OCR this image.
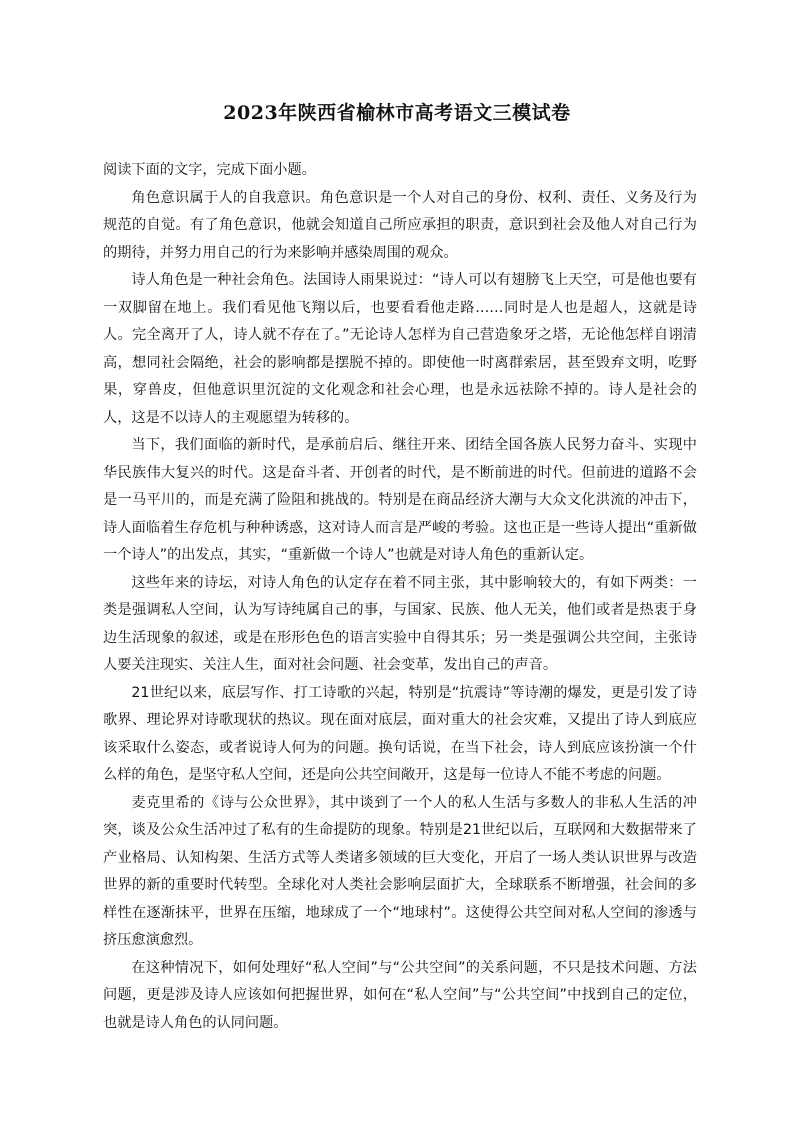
2023年陕西省榆林市高考语文三模试卷

阅读下面的文字，完成下面小题。

角色意识属于人的自我意识。角色意识是一个人对自己的身份、权利、责任、义务及行为规范的自觉。有了角色意识，他就会知道自己所应承担的职责，意识到社会及他人对自己行为的期待，并努力用自己的行为来影响并感染周围的观众。

诗人角色是一种社会角色。法国诗人雨果说过：“诗人可以有翅膀飞上天空，可是他也要有一双脚留在地上。我们看见他飞翔以后，也要看看他走路……同时是人也是超人，这就是诗人。完全离开了人，诗人就不存在了。”无论诗人怎样为自己营造象牙之塔，无论他怎样自诩清高，想同社会隔绝，社会的影响都是摆脱不掉的。即使他一时离群索居，甚至毁弃文明，吃野果，穿兽皮，但他意识里沉淀的文化观念和社会心理，也是永远祛除不掉的。诗人是社会的人，这是不以诗人的主观愿望为转移的。

当下，我们面临的新时代，是承前启后、继往开来、团结全国各族人民努力奋斗、实现中华民族伟大复兴的时代。这是奋斗者、开创者的时代，是不断前进的时代。但前进的道路不会是一马平川的，而是充满了险阻和挑战的。特别是在商品经济大潮与大众文化洪流的冲击下，诗人面临着生存危机与种种诱惑，这对诗人而言是严峻的考验。这也正是一些诗人提出“重新做一个诗人”的出发点，其实，“重新做一个诗人”也就是对诗人角色的重新认定。

这些年来的诗坛，对诗人角色的认定存在着不同主张，其中影响较大的，有如下两类：一类是强调私人空间，认为写诗纯属自己的事，与国家、民族、他人无关，他们或者是热衷于身边生活现象的叙述，或是在形形色色的语言实验中自得其乐；另一类是强调公共空间，主张诗人要关注现实、关注人生，面对社会问题、社会变革，发出自己的声音。

21世纪以来，底层写作、打工诗歌的兴起，特别是“抗震诗”等诗潮的爆发，更是引发了诗歌界、理论界对诗歌现状的热议。现在面对底层，面对重大的社会灾难，又提出了诗人到底应该采取什么姿态，或者说诗人何为的问题。换句话说，在当下社会，诗人到底应该扮演一个什么样的角色，是坚守私人空间，还是向公共空间敞开，这是每一位诗人不能不考虑的问题。

麦克里希的《诗与公众世界》，其中谈到了一个人的私人生活与多数人的非私人生活的冲突，谈及公众生活冲过了私有的生命提防的现象。特别是21世纪以后，互联网和大数据带来了产业格局、认知构架、生活方式等人类诸多领域的巨大变化，开启了一场人类认识世界与改造世界的新的重要时代转型。全球化对人类社会影响层面扩大，全球联系不断增强，社会间的多样性在逐渐抹平，世界在压缩，地球成了一个“地球村”。这使得公共空间对私人空间的渗透与挤压愈演愈烈。

在这种情况下，如何处理好“私人空间”与“公共空间”的关系问题，不只是技术问题、方法问题，更是涉及诗人应该如何把握世界，如何在“私人空间”与“公共空间”中找到自己的定位，也就是诗人角色的认同问题。
